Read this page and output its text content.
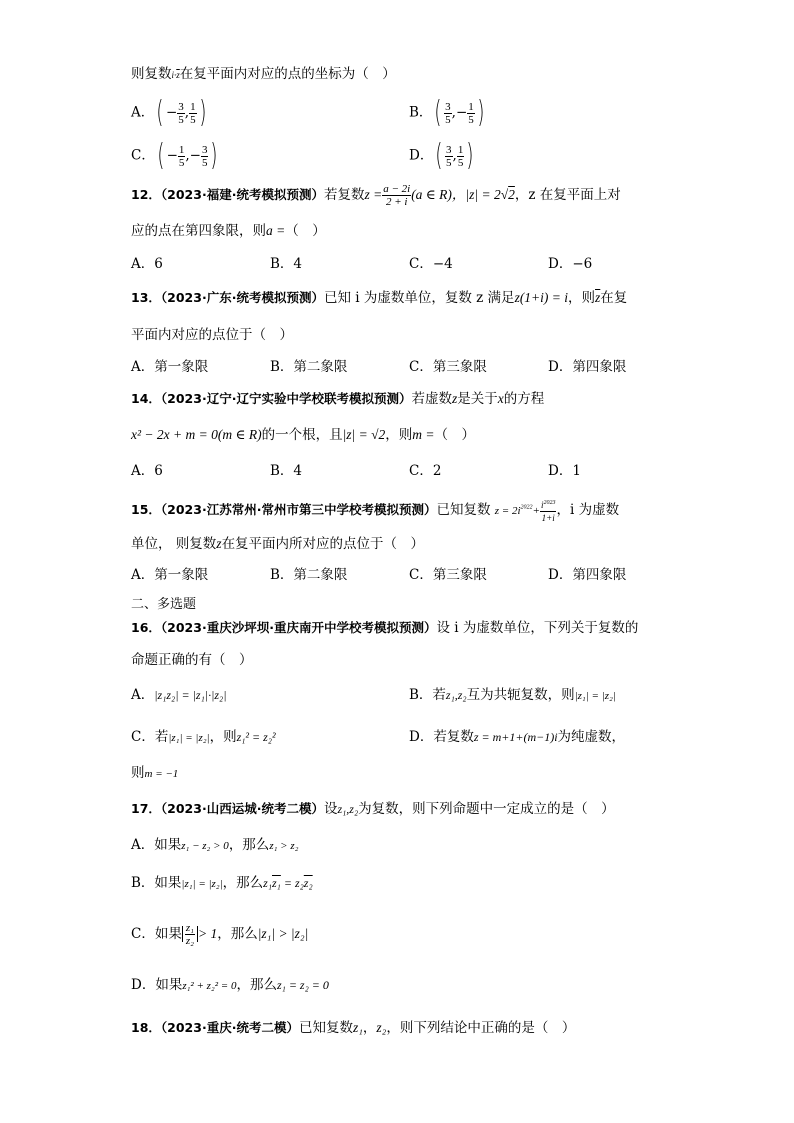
则复数$i\cdot\overline{z}$在复平面内对应的点的坐标为（　）
A．( − $\frac{3}{5}$ , $\frac{1}{5}$ )	B．( $\frac{3}{5}$ ,− $\frac{1}{5}$ )
C．( − $\frac{1}{5}$ ,− $\frac{3}{5}$ )	D．( $\frac{3}{5}$ , $\frac{1}{5}$ )
12．（2023·福建·统考模拟预测）若复数$z = \frac{a - 2i}{2 + i} (a$ ∈ R)，|z| = 2√2，z 在复平面上对
应的点在第四象限，则a =（　）
A．6	B．4	C．−4	D．−6
13．（2023·广东·统考模拟预测）已知 i 为虚数单位，复数 z 满足z(1+i) = i，则$\overline{z}$在复
平面内对应的点位于（　）
A．第一象限	B．第二象限	C．第三象限	D．第四象限
14．（2023·辽宁·辽宁实验中学校联考模拟预测）若虚数z是关于x的方程
x² − 2x + m = 0(m ∈ R)的一个根，且|z| = √2，则m =（　）
A．6	B．4	C．2	D．1
15．（2023·江苏常州·常州市第三中学校考模拟预测）已知复数 $z = 2i^{2022}+ \frac{i^{2023}}{1+i}$ ，i 为虚数
单位， 则复数z在复平面内所对应的点位于（　）
A．第一象限	B．第二象限	C．第三象限	D．第四象限
二、多选题
16．（2023·重庆沙坪坝·重庆南开中学校考模拟预测）设 i 为虚数单位，下列关于复数的
命题正确的有（　）
A．|z₁z₂| = |z₁|·|z₂|	B．若z₁,z₂互为共轭复数，则|z₁| = |z₂|
C．若|z₁| = |z₂|，则z₁² = z₂²	D．若复数z = m+1+(m−1)i为纯虚数，
则m = −1
17．（2023·山西运城·统考二模）设z₁,z₂为复数，则下列命题中一定成立的是（　）
A．如果z₁ − z₂ > 0，那么z₁ > z₂
B．如果|z₁| = |z₂|，那么z₁z₁ = z₂z₂
C．如果 $\frac{\text{z₁}}{\text{z₂}} > 1$，那么|z₁| > |z₂|
D．如果z₁² + z₂² = 0，那么z₁ = z₂ = 0
18．（2023·重庆·统考二模）已知复数z₁，z₂，则下列结论中正确的是（　）
